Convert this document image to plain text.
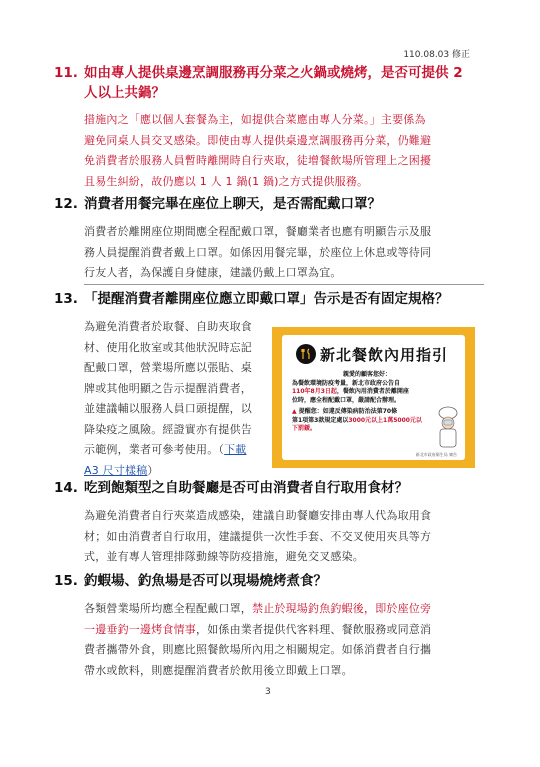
110.08.03 修正
11. 如由專人提供桌邊烹調服務再分菜之火鍋或燒烤，是否可提供 2
人以上共鍋？
措施內之「應以個人套餐為主，如提供合菜應由專人分菜。」主要係為
避免同桌人員交叉感染。即使由專人提供桌邊烹調服務再分菜，仍難避
免消費者於服務人員暫時離開時自行夾取，徒增餐飲場所管理上之困擾
且易生糾紛，故仍應以 1 人 1 鍋(1 鍋)之方式提供服務。
12. 消費者用餐完畢在座位上聊天，是否需配戴口罩？
消費者於離開座位期間應全程配戴口罩，餐廳業者也應有明顯告示及服
務人員提醒消費者戴上口罩。如係因用餐完畢，於座位上休息或等待同
行友人者，為保護自身健康，建議仍戴上口罩為宜。
13. 「提醒消費者離開座位應立即戴口罩」告示是否有固定規格？
為避免消費者於取餐、自助夾取食
材、使用化妝室或其他狀況時忘記
配戴口罩，營業場所應以張貼、桌
牌或其他明顯之告示提醒消費者，
並建議輔以服務人員口頭提醒，以
降染疫之風險。經證實亦有提供告
示範例，業者可參考使用。（下載
A3 尺寸樣稿）
新北餐飲內用指引
親愛的顧客您好：
為餐飲環境防疫考量，新北市政府公告自
110年8月3日起，餐飲內用消費者於離開座
位時，應全程配戴口罩，嚴請配合辦理。
▲ 提醒您：如違反傳染病防治法第70條
第1項第3款規定處以3000元以上1萬5000元以
下罰鍰。
新北市政府衛生局 廣告
14. 吃到飽類型之自助餐廳是否可由消費者自行取用食材？
為避免消費者自行夾菜造成感染，建議自助餐廳安排由專人代為取用食
材；如由消費者自行取用，建議提供一次性手套、不交叉使用夾具等方
式，並有專人管理排隊動線等防疫措施，避免交叉感染。
15. 釣蝦場、釣魚場是否可以現場燒烤煮食？
各類營業場所均應全程配戴口罩，禁止於現場釣魚釣蝦後，即於座位旁
一邊垂釣一邊烤食情事，如係由業者提供代客料理、餐飲服務或同意消
費者攜帶外食，則應比照餐飲場所內用之相關規定。如係消費者自行攜
帶水或飲料，則應提醒消費者於飲用後立即戴上口罩。
3
